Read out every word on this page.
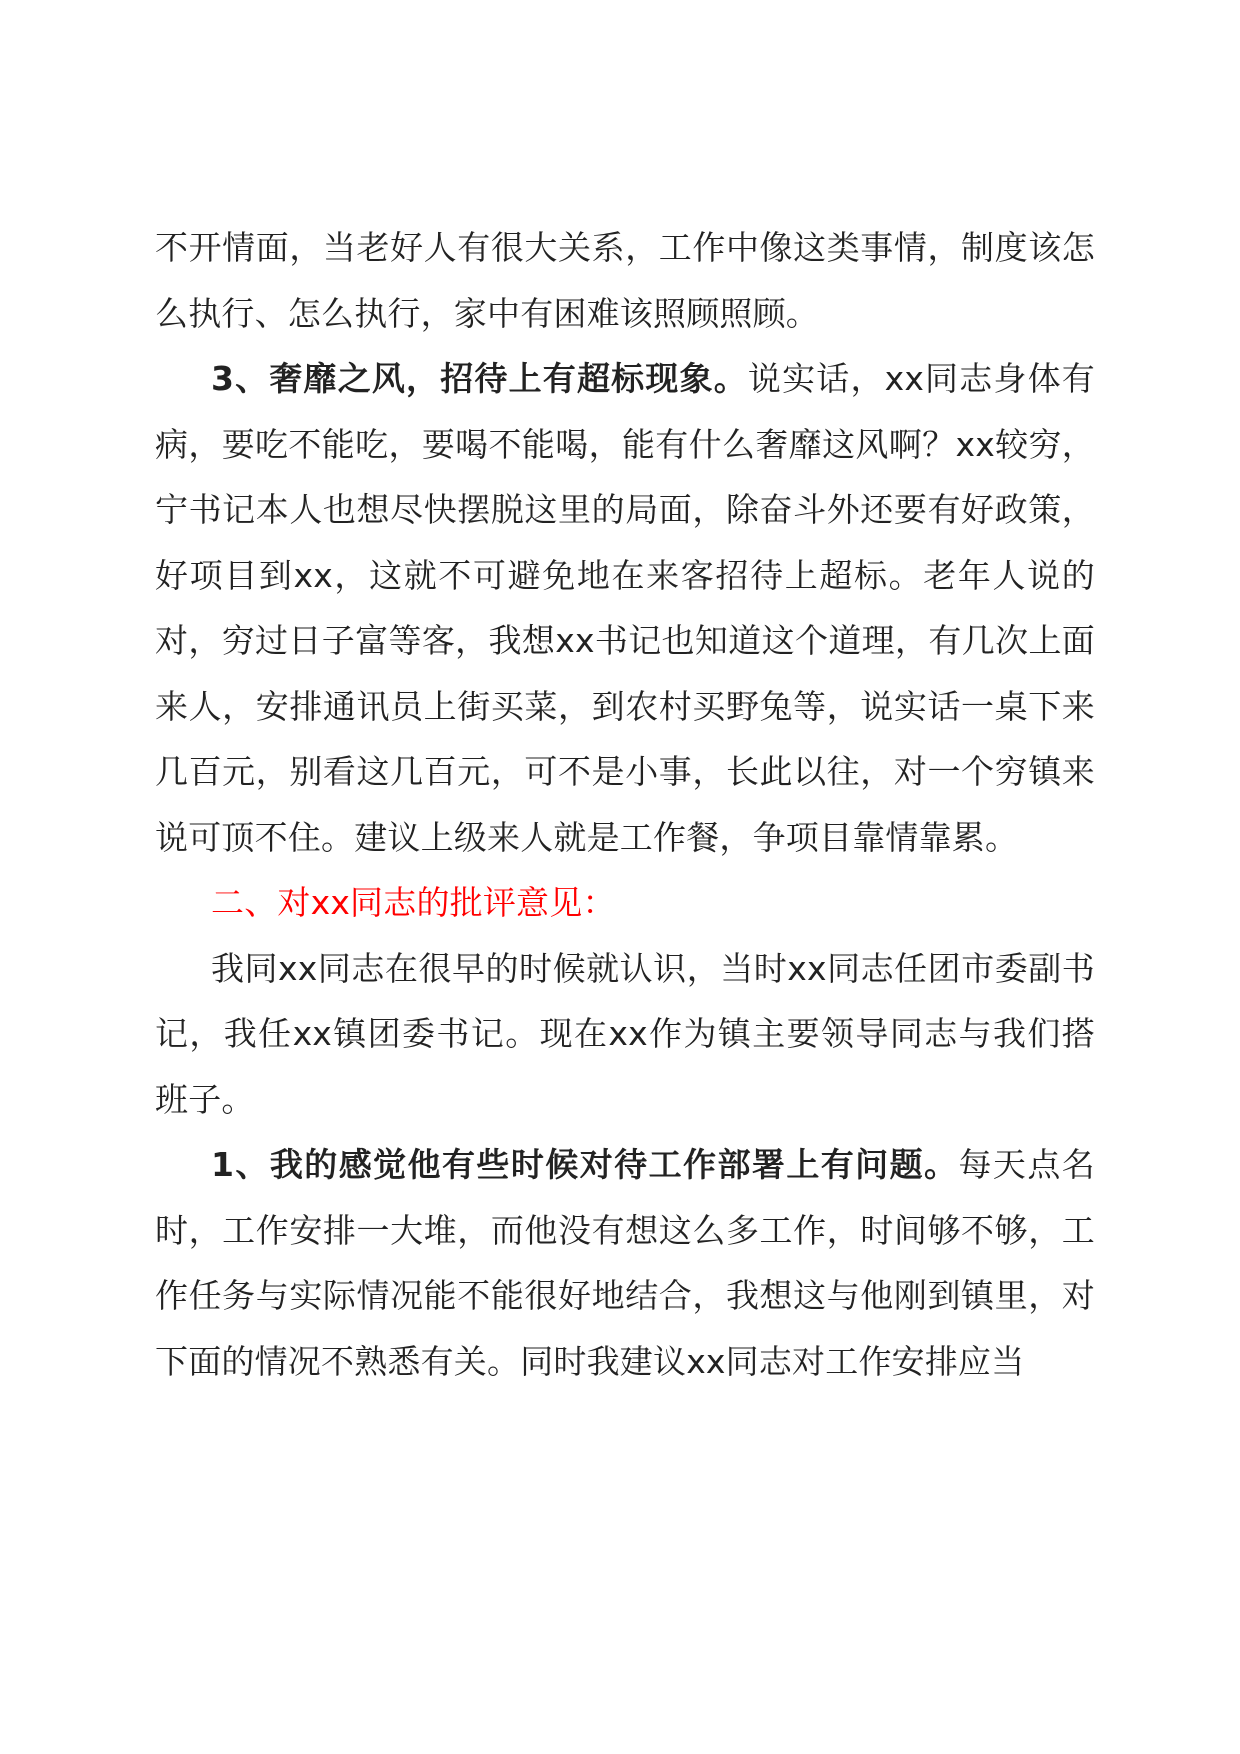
不开情面，当老好人有很大关系，工作中像这类事情，制度该怎么执行、怎么执行，家中有困难该照顾照顾。

3、奢靡之风，招待上有超标现象。说实话，xx同志身体有病，要吃不能吃，要喝不能喝，能有什么奢靡这风啊？xx较穷，宁书记本人也想尽快摆脱这里的局面，除奋斗外还要有好政策，好项目到xx，这就不可避免地在来客招待上超标。老年人说的对，穷过日子富等客，我想xx书记也知道这个道理，有几次上面来人，安排通讯员上街买菜，到农村买野兔等，说实话一桌下来几百元，别看这几百元，可不是小事，长此以往，对一个穷镇来说可顶不住。建议上级来人就是工作餐，争项目靠情靠累。

二、对xx同志的批评意见：

我同xx同志在很早的时候就认识，当时xx同志任团市委副书记，我任xx镇团委书记。现在xx作为镇主要领导同志与我们搭班子。

1、我的感觉他有些时候对待工作部署上有问题。每天点名时，工作安排一大堆，而他没有想这么多工作，时间够不够，工作任务与实际情况能不能很好地结合，我想这与他刚到镇里，对下面的情况不熟悉有关。同时我建议xx同志对工作安排应当
